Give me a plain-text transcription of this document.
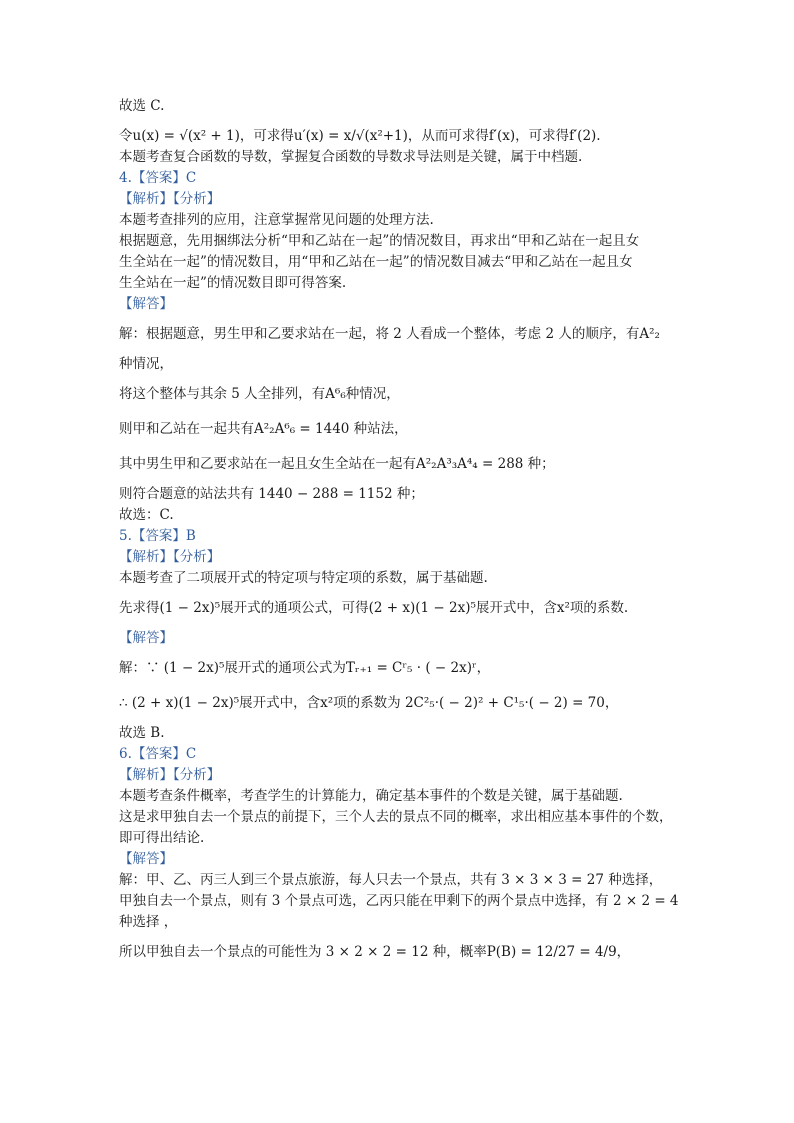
故选 C.
令u(x) = √(x² + 1)，可求得u′(x) = x/√(x²+1)，从而可求得f′(x)，可求得f′(2).
本题考查复合函数的导数，掌握复合函数的导数求导法则是关键，属于中档题.
4.【答案】C
【解析】【分析】
本题考查排列的应用，注意掌握常见问题的处理方法.
根据题意，先用捆绑法分析“甲和乙站在一起”的情况数目，再求出“甲和乙站在一起且女
生全站在一起”的情况数目，用“甲和乙站在一起”的情况数目减去“甲和乙站在一起且女
生全站在一起”的情况数目即可得答案.
【解答】
解：根据题意，男生甲和乙要求站在一起，将 2 人看成一个整体，考虑 2 人的顺序，有A²₂
种情况，
将这个整体与其余 5 人全排列，有A⁶₆种情况，
则甲和乙站在一起共有A²₂A⁶₆ = 1440 种站法，
其中男生甲和乙要求站在一起且女生全站在一起有A²₂A³₃A⁴₄ = 288 种；
则符合题意的站法共有 1440 − 288 = 1152 种；
故选：C.
5.【答案】B
【解析】【分析】
本题考查了二项展开式的特定项与特定项的系数，属于基础题.
先求得(1 − 2x)⁵展开式的通项公式，可得(2 + x)(1 − 2x)⁵展开式中，含x²项的系数.
【解答】
解：∵ (1 − 2x)⁵展开式的通项公式为Tᵣ₊₁ = Cʳ₅ · ( − 2x)ʳ，
∴ (2 + x)(1 − 2x)⁵展开式中，含x²项的系数为 2C²₅·( − 2)² + C¹₅·( − 2) = 70，
故选 B.
6.【答案】C
【解析】【分析】
本题考查条件概率，考查学生的计算能力，确定基本事件的个数是关键，属于基础题.
这是求甲独自去一个景点的前提下，三个人去的景点不同的概率，求出相应基本事件的个数，
即可得出结论.
【解答】
解：甲、乙、丙三人到三个景点旅游，每人只去一个景点，共有 3 × 3 × 3 = 27 种选择，
甲独自去一个景点，则有 3 个景点可选，乙丙只能在甲剩下的两个景点中选择，有 2 × 2 = 4
种选择 ，
所以甲独自去一个景点的可能性为 3 × 2 × 2 = 12 种，概率P(B) = 12/27 = 4/9，
